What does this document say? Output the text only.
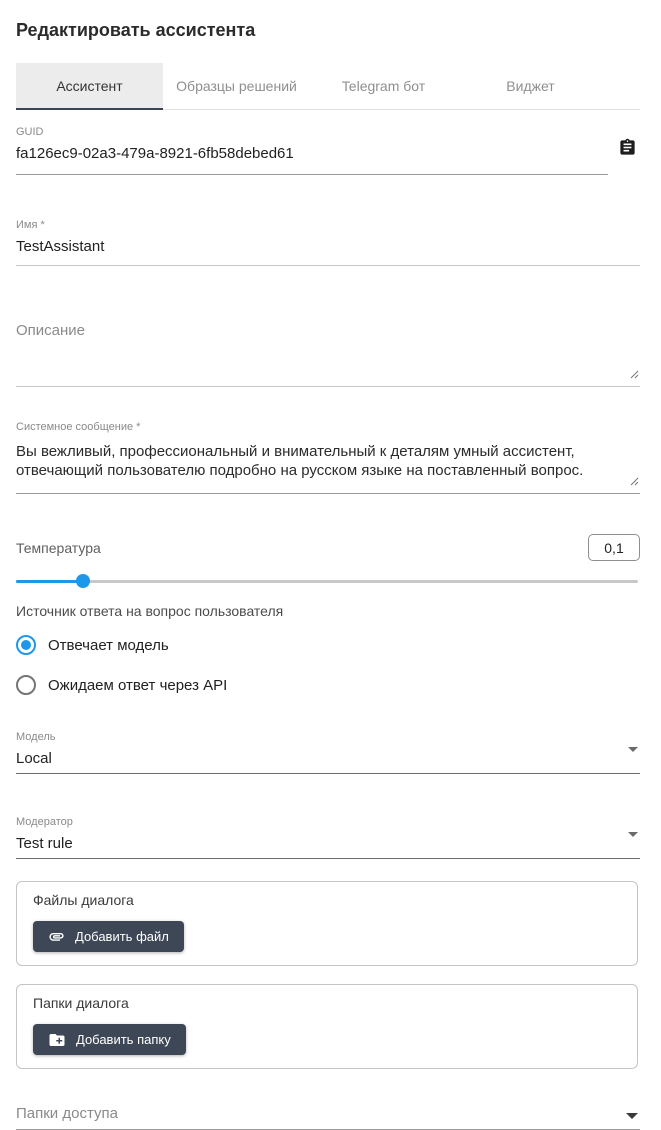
Редактировать ассистента
Ассистент	Образцы решений	Telegram бот	Виджет
GUID
fa126ec9-02a3-479a-8921-6fb58debed61
Имя *
TestAssistant
Описание
Системное сообщение *
Вы вежливый, профессиональный и внимательный к деталям умный ассистент, отвечающий пользователю подробно на русском языке на поставленный вопрос.
Температура	0,1
Источник ответа на вопрос пользователя
Отвечает модель
Ожидаем ответ через API
Модель
Local
Модератор
Test rule
Файлы диалога
Добавить файл
Папки диалога
Добавить папку
Папки доступа
